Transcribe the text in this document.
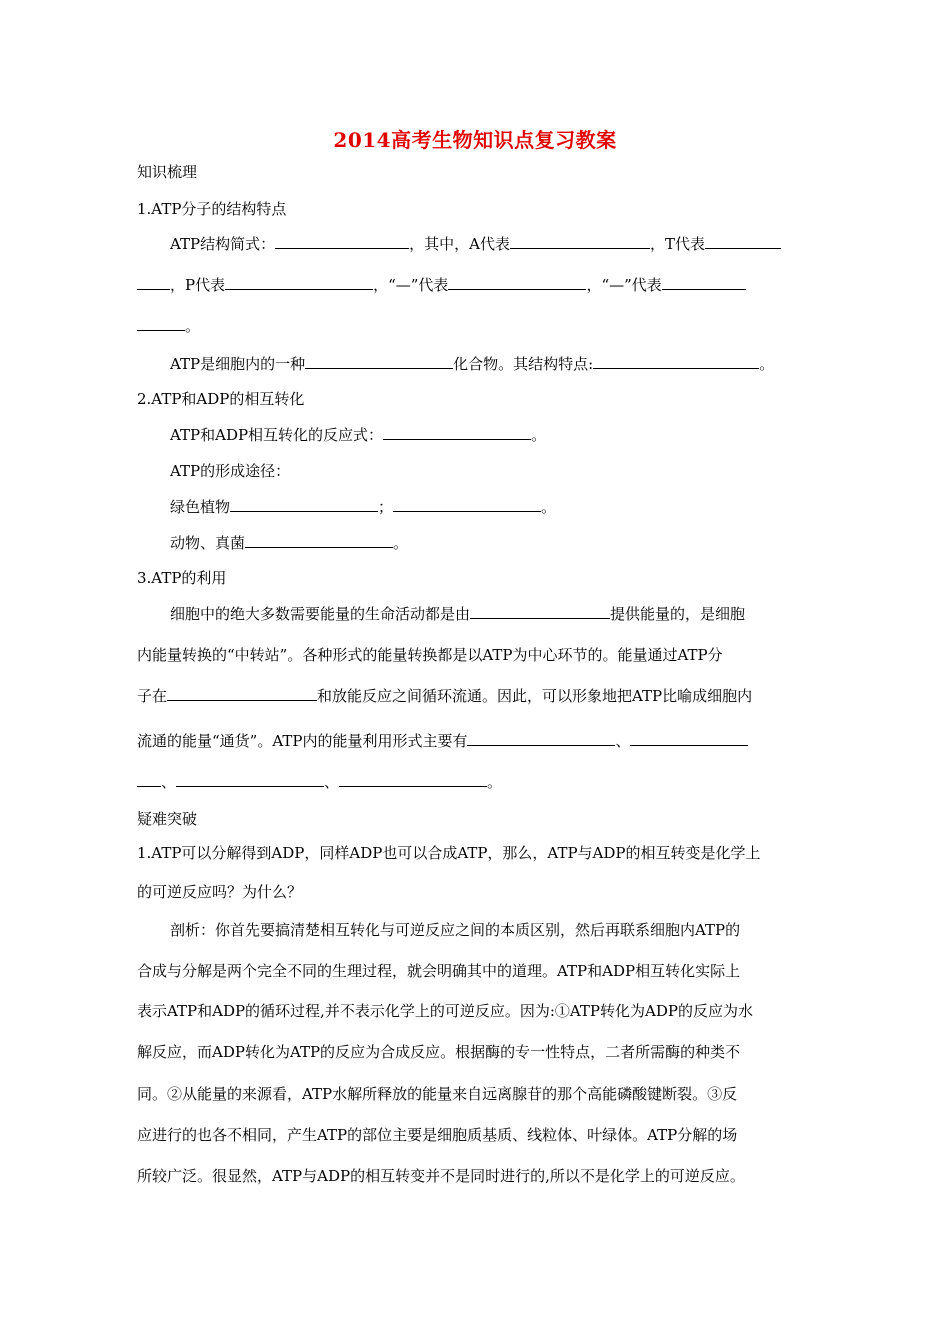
2014高考生物知识点复习教案
知识梳理
1.ATP分子的结构特点
ATP结构简式：	，其中，A代表	，T代表
，P代表	，“—”代表	，“—”代表
。
ATP是细胞内的一种	化合物。其结构特点:	。
2.ATP和ADP的相互转化
ATP和ADP相互转化的反应式：	。
ATP的形成途径：
绿色植物	；	。
动物、真菌	。
3.ATP的利用
细胞中的绝大多数需要能量的生命活动都是由	提供能量的，是细胞
内能量转换的“中转站”。各种形式的能量转换都是以ATP为中心环节的。能量通过ATP分
子在	和放能反应之间循环流通。因此，可以形象地把ATP比喻成细胞内
流通的能量“通货”。ATP内的能量利用形式主要有	、
、	、	。
疑难突破
1.ATP可以分解得到ADP，同样ADP也可以合成ATP，那么，ATP与ADP的相互转变是化学上
的可逆反应吗？为什么？
剖析：你首先要搞清楚相互转化与可逆反应之间的本质区别，然后再联系细胞内ATP的
合成与分解是两个完全不同的生理过程，就会明确其中的道理。ATP和ADP相互转化实际上
表示ATP和ADP的循环过程,并不表示化学上的可逆反应。因为:①ATP转化为ADP的反应为水
解反应，而ADP转化为ATP的反应为合成反应。根据酶的专一性特点，二者所需酶的种类不
同。②从能量的来源看，ATP水解所释放的能量来自远离腺苷的那个高能磷酸键断裂。③反
应进行的也各不相同，产生ATP的部位主要是细胞质基质、线粒体、叶绿体。ATP分解的场
所较广泛。很显然，ATP与ADP的相互转变并不是同时进行的,所以不是化学上的可逆反应。
